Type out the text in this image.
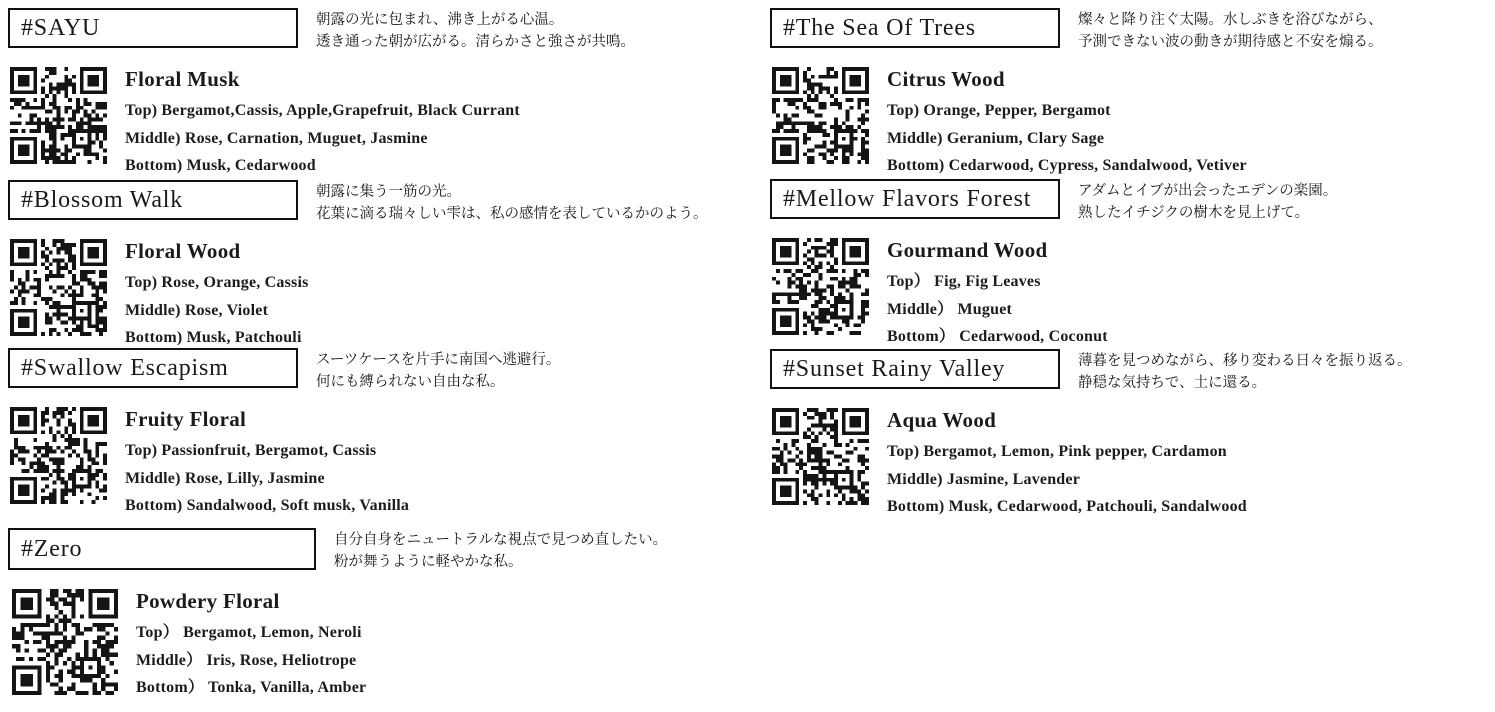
#SAYU	朝露の光に包まれ、沸き上がる心温。
透き通った朝が広がる。清らかさと強さが共鳴。
Floral Musk
Top) Bergamot,Cassis, Apple,Grapefruit, Black Currant
Middle) Rose, Carnation, Muguet, Jasmine
Bottom) Musk, Cedarwood
#The Sea Of Trees	燦々と降り注ぐ太陽。水しぶきを浴びながら、
予測できない波の動きが期待感と不安を煽る。
Citrus Wood
Top) Orange, Pepper, Bergamot
Middle) Geranium, Clary Sage
Bottom) Cedarwood, Cypress, Sandalwood, Vetiver
#Blossom Walk	朝露に集う一筋の光。
花葉に滴る瑞々しい雫は、私の感情を表しているかのよう。
Floral Wood
Top) Rose, Orange, Cassis
Middle) Rose, Violet
Bottom) Musk, Patchouli
#Mellow Flavors Forest	アダムとイブが出会ったエデンの楽園。
熟したイチジクの樹木を見上げて。
Gourmand Wood
Top） Fig, Fig Leaves
Middle） Muguet
Bottom） Cedarwood, Coconut
#Swallow Escapism	スーツケースを片手に南国へ逃避行。
何にも縛られない自由な私。
Fruity Floral
Top) Passionfruit, Bergamot, Cassis
Middle) Rose, Lilly, Jasmine
Bottom) Sandalwood, Soft musk, Vanilla
#Sunset Rainy Valley	薄暮を見つめながら、移り変わる日々を振り返る。
静穏な気持ちで、土に還る。
Aqua Wood
Top) Bergamot, Lemon, Pink pepper, Cardamon
Middle) Jasmine, Lavender
Bottom) Musk, Cedarwood, Patchouli, Sandalwood
#Zero	自分自身をニュートラルな視点で見つめ直したい。
粉が舞うように軽やかな私。
Powdery Floral
Top） Bergamot, Lemon, Neroli
Middle） Iris, Rose, Heliotrope
Bottom） Tonka, Vanilla, Amber
